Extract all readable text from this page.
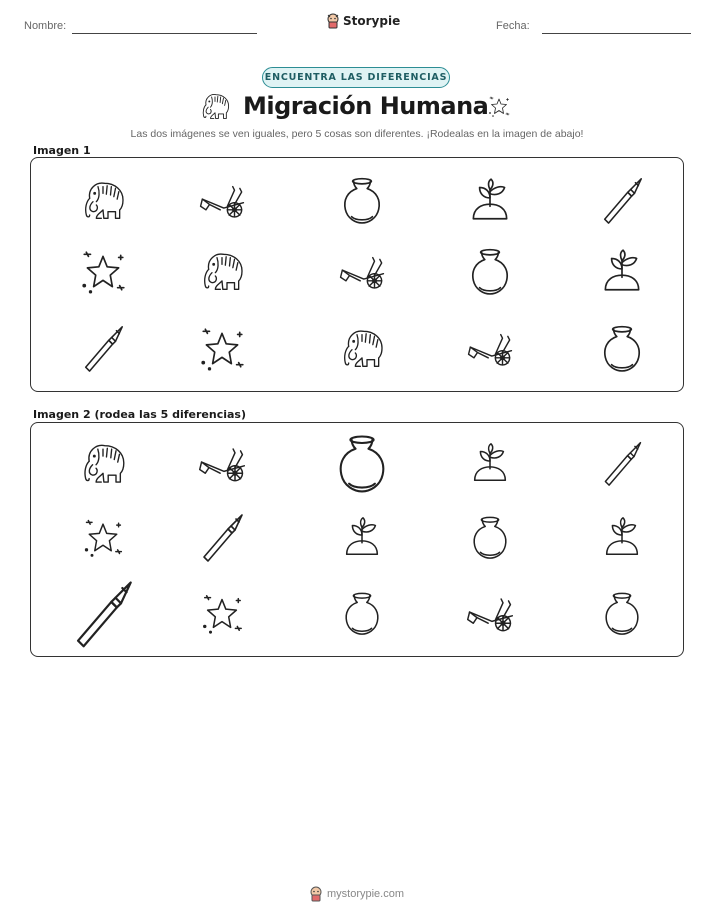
Nombre:	Storypie	Fecha:
ENCUENTRA LAS DIFERENCIAS
Migración Humana
Las dos imágenes se ven iguales, pero 5 cosas son diferentes. ¡Rodealas en la imagen de abajo!
Imagen 1
Imagen 2 (rodea las 5 diferencias)
mystorypie.com
